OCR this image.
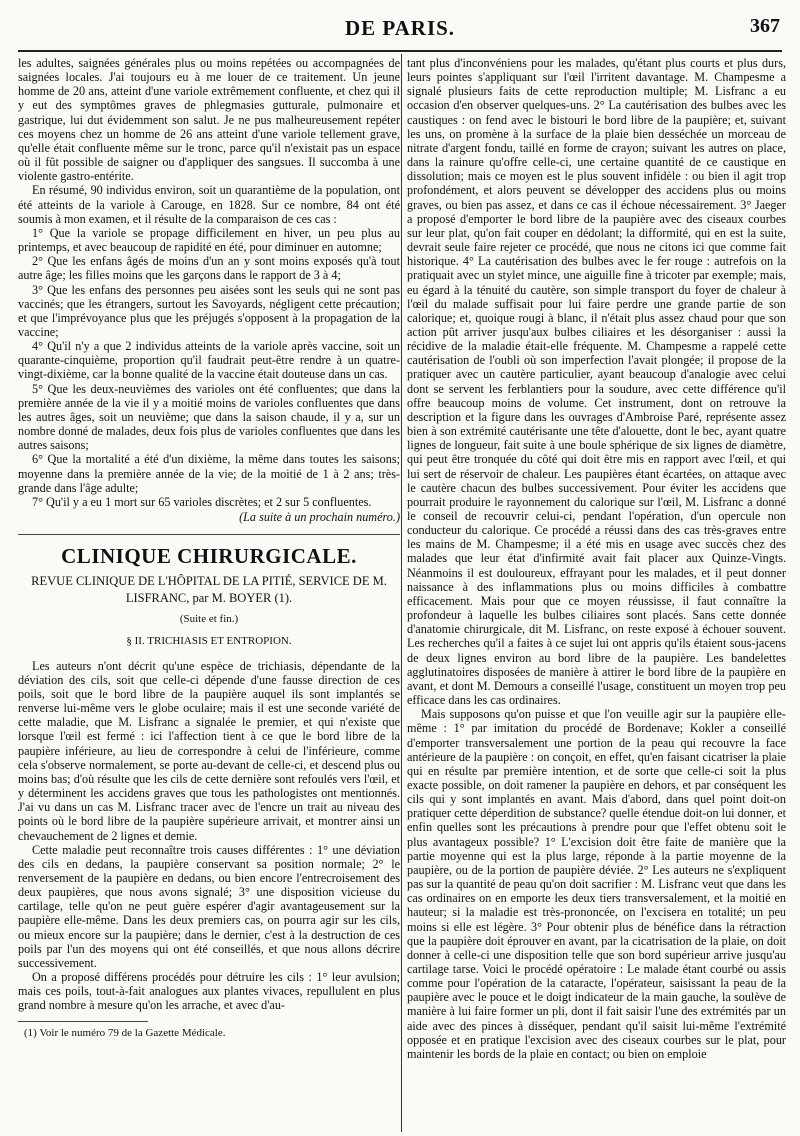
DE PARIS.	367

les adultes, saignées générales plus ou moins repétées ou accompagnées de saignées locales. J'ai toujours eu à me louer de ce traitement. Un jeune homme de 20 ans, atteint d'une variole extrêmement confluente, et chez qui il y eut des symptômes graves de phlegmasies gutturale, pulmonaire et gastrique, lui dut évidemment son salut. Je ne pus malheureusement repéter ces moyens chez un homme de 26 ans atteint d'une variole tellement grave, qu'elle était confluente même sur le tronc, parce qu'il n'existait pas un espace où il fût possible de saigner ou d'appliquer des sangsues. Il succomba à une violente gastro-entérite.

En résumé, 90 individus environ, soit un quarantième de la population, ont été atteints de la variole à Carouge, en 1828. Sur ce nombre, 84 ont été soumis à mon examen, et il résulte de la comparaison de ces cas :

1° Que la variole se propage difficilement en hiver, un peu plus au printemps, et avec beaucoup de rapidité en été, pour diminuer en automne;

2° Que les enfans âgés de moins d'un an y sont moins exposés qu'à tout autre âge; les filles moins que les garçons dans le rapport de 3 à 4;

3° Que les enfans des personnes peu aisées sont les seuls qui ne sont pas vaccinés; que les étrangers, surtout les Savoyards, négligent cette précaution; et que l'imprévoyance plus que les préjugés s'opposent à la propagation de la vaccine;

4° Qu'il n'y a que 2 individus atteints de la variole après vaccine, soit un quarante-cinquième, proportion qu'il faudrait peut-être rendre à un quatre-vingt-dixième, car la bonne qualité de la vaccine était douteuse dans un cas.

5° Que les deux-neuvièmes des varioles ont été confluentes; que dans la première année de la vie il y a moitié moins de varioles confluentes que dans les autres âges, soit un neuvième; que dans la saison chaude, il y a, sur un nombre donné de malades, deux fois plus de varioles confluentes que dans les autres saisons;

6° Que la mortalité a été d'un dixième, la même dans toutes les saisons; moyenne dans la première année de la vie; de la moitié de 1 à 2 ans; très-grande dans l'âge adulte;

7° Qu'il y a eu 1 mort sur 65 varioles discrètes; et 2 sur 5 confluentes.

(La suite à un prochain numéro.)

CLINIQUE CHIRURGICALE.

REVUE CLINIQUE DE L'HÔPITAL DE LA PITIÉ, SERVICE DE M. LISFRANC, par M. BOYER (1).

(Suite et fin.)

§ II. TRICHIASIS ET ENTROPION.

Les auteurs n'ont décrit qu'une espèce de trichiasis, dépendante de la déviation des cils, soit que celle-ci dépende d'une fausse direction de ces poils, soit que le bord libre de la paupière auquel ils sont implantés se renverse lui-même vers le globe oculaire; mais il est une seconde variété de cette maladie, que M. Lisfranc a signalée le premier, et qui n'existe que lorsque l'œil est fermé : ici l'affection tient à ce que le bord libre de la paupière inférieure, au lieu de correspondre à celui de l'inférieure, comme cela s'observe normalement, se porte au-devant de celle-ci, et descend plus ou moins bas; d'où résulte que les cils de cette dernière sont refoulés vers l'œil, et y déterminent les accidens graves que tous les pathologistes ont mentionnés. J'ai vu dans un cas M. Lisfranc tracer avec de l'encre un trait au niveau des points où le bord libre de la paupière supérieure arrivait, et montrer ainsi un chevauchement de 2 lignes et demie.

Cette maladie peut reconnaître trois causes différentes : 1° une déviation des cils en dedans, la paupière conservant sa position normale; 2° le renversement de la paupière en dedans, ou bien encore l'entrecroisement des deux paupières, que nous avons signalé; 3° une disposition vicieuse du cartilage, telle qu'on ne peut guère espérer d'agir avantageusement sur la paupière elle-même. Dans les deux premiers cas, on pourra agir sur les cils, ou mieux encore sur la paupière; dans le dernier, c'est à la destruction de ces poils par l'un des moyens qui ont été conseillés, et que nous allons décrire successivement.

On a proposé différens procédés pour détruire les cils : 1° leur avulsion; mais ces poils, tout-à-fait analogues aux plantes vivaces, repullulent en plus grand nombre à mesure qu'on les arrache, et avec d'au-

(1) Voir le numéro 79 de la Gazette Médicale.

tant plus d'inconvéniens pour les malades, qu'étant plus courts et plus durs, leurs pointes s'appliquant sur l'œil l'irritent davantage. M. Champesme a signalé plusieurs faits de cette reproduction multiple; M. Lisfranc a eu occasion d'en observer quelques-uns. 2° La cautérisation des bulbes avec les caustiques : on fend avec le bistouri le bord libre de la paupière; et, suivant les uns, on promène à la surface de la plaie bien desséchée un morceau de nitrate d'argent fondu, taillé en forme de crayon; suivant les autres on place, dans la rainure qu'offre celle-ci, une certaine quantité de ce caustique en dissolution; mais ce moyen est le plus souvent infidèle : ou bien il agit trop profondément, et alors peuvent se développer des accidens plus ou moins graves, ou bien pas assez, et dans ce cas il échoue nécessairement. 3° Jaeger a proposé d'emporter le bord libre de la paupière avec des ciseaux courbes sur leur plat, qu'on fait couper en dédolant; la difformité, qui en est la suite, devrait seule faire rejeter ce procédé, que nous ne citons ici que comme fait historique. 4° La cautérisation des bulbes avec le fer rouge : autrefois on la pratiquait avec un stylet mince, une aiguille fine à tricoter par exemple; mais, eu égard à la ténuité du cautère, son simple transport du foyer de chaleur à l'œil du malade suffisait pour lui faire perdre une grande partie de son calorique; et, quoique rougi à blanc, il n'était plus assez chaud pour que son action pût arriver jusqu'aux bulbes ciliaires et les désorganiser : aussi la récidive de la maladie était-elle fréquente. M. Champesme a rappelé cette cautérisation de l'oubli où son imperfection l'avait plongée; il propose de la pratiquer avec un cautère particulier, ayant beaucoup d'analogie avec celui dont se servent les ferblantiers pour la soudure, avec cette différence qu'il offre beaucoup moins de volume. Cet instrument, dont on retrouve la description et la figure dans les ouvrages d'Ambroise Paré, représente assez bien à son extrémité cautérisante une tête d'alouette, dont le bec, ayant quatre lignes de longueur, fait suite à une boule sphérique de six lignes de diamètre, qui peut être tronquée du côté qui doit être mis en rapport avec l'œil, et qui lui sert de réservoir de chaleur. Les paupières étant écartées, on attaque avec le cautère chacun des bulbes successivement. Pour éviter les accidens que pourrait produire le rayonnement du calorique sur l'œil, M. Lisfranc a donné le conseil de recouvrir celui-ci, pendant l'opération, d'un opercule non conducteur du calorique. Ce procédé a réussi dans des cas très-graves entre les mains de M. Champesme; il a été mis en usage avec succès chez des malades que leur état d'infirmité avait fait placer aux Quinze-Vingts. Néanmoins il est douloureux, effrayant pour les malades, et il peut donner naissance à des inflammations plus ou moins difficiles à combattre efficacement. Mais pour que ce moyen réussisse, il faut connaître la profondeur à laquelle les bulbes ciliaires sont placés. Sans cette donnée d'anatomie chirurgicale, dit M. Lisfranc, on reste exposé à échouer souvent. Les recherches qu'il a faites à ce sujet lui ont appris qu'ils étaient sous-jacens de deux lignes environ au bord libre de la paupière. Les bandelettes agglutinatoires disposées de manière à attirer le bord libre de la paupière en avant, et dont M. Demours a conseillé l'usage, constituent un moyen trop peu efficace dans les cas ordinaires.

Mais supposons qu'on puisse et que l'on veuille agir sur la paupière elle-même : 1° par imitation du procédé de Bordenave; Kokler a conseillé d'emporter transversalement une portion de la peau qui recouvre la face antérieure de la paupière : on conçoit, en effet, qu'en faisant cicatriser la plaie qui en résulte par première intention, et de sorte que celle-ci soit la plus exacte possible, on doit ramener la paupière en dehors, et par conséquent les cils qui y sont implantés en avant. Mais d'abord, dans quel point doit-on pratiquer cette déperdition de substance? quelle étendue doit-on lui donner, et enfin quelles sont les précautions à prendre pour que l'effet obtenu soit le plus avantageux possible? 1° L'excision doit être faite de manière que la partie moyenne qui est la plus large, réponde à la partie moyenne de la paupière, ou de la portion de paupière déviée. 2° Les auteurs ne s'expliquent pas sur la quantité de peau qu'on doit sacrifier : M. Lisfranc veut que dans les cas ordinaires on en emporte les deux tiers transversalement, et la moitié en hauteur; si la maladie est très-prononcée, on l'excisera en totalité; un peu moins si elle est légère. 3° Pour obtenir plus de bénéfice dans la rétraction que la paupière doit éprouver en avant, par la cicatrisation de la plaie, on doit donner à celle-ci une disposition telle que son bord supérieur arrive jusqu'au cartilage tarse. Voici le procédé opératoire : Le malade étant courbé ou assis comme pour l'opération de la cataracte, l'opérateur, saisissant la peau de la paupière avec le pouce et le doigt indicateur de la main gauche, la soulève de manière à lui faire former un pli, dont il fait saisir l'une des extrémités par un aide avec des pinces à disséquer, pendant qu'il saisit lui-même l'extrémité opposée et en pratique l'excision avec des ciseaux courbes sur le plat, pour maintenir les bords de la plaie en contact; ou bien on emploie
